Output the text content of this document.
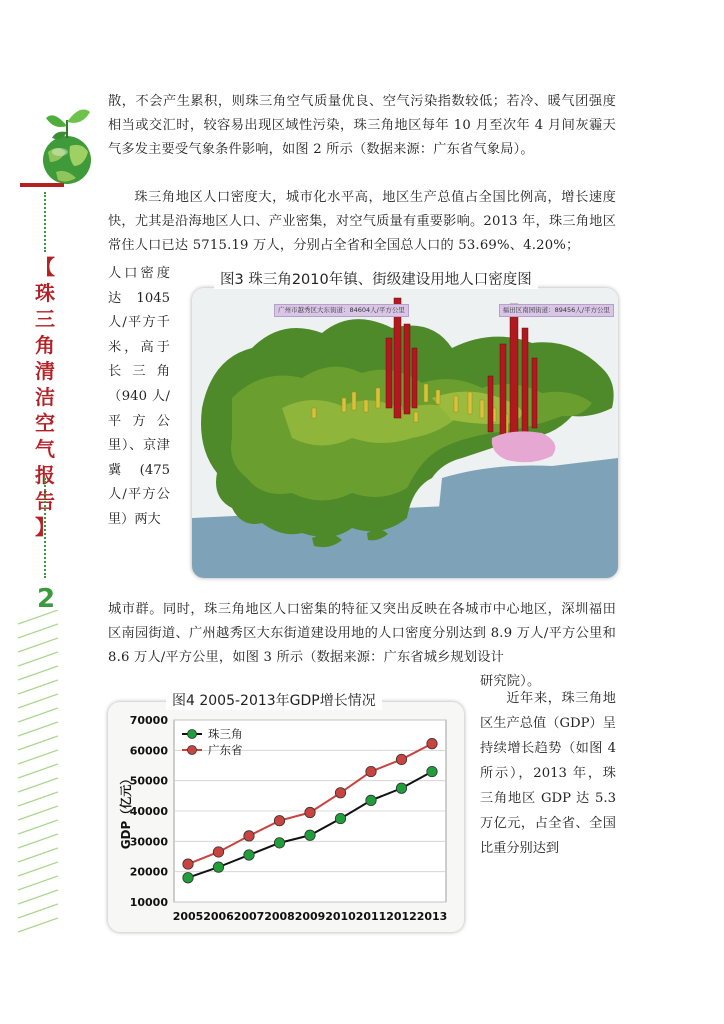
【
珠
三
角
清
洁
空
气
报
告
】
2
散，不会产生累积，则珠三角空气质量优良、空气污染指数较低；若冷、暖气团强度相当或交汇时，较容易出现区域性污染，珠三角地区每年 10 月至次年 4 月间灰霾天气多发主要受气象条件影响，如图 2 所示（数据来源：广东省气象局）。
珠三角地区人口密度大，城市化水平高，地区生产总值占全国比例高，增长速度快，尤其是沿海地区人口、产业密集，对空气质量有重要影响。2013 年，珠三角地区常住人口已达 5715.19 万人，分别占全省和全国总人口的 53.69%、4.20%；
人口密度达 1045 人/平方千米，高于长三角（940 人/平方公里）、京津冀(475 人/平方公里）两大
城市群。同时，珠三角地区人口密集的特征又突出反映在各城市中心地区，深圳福田区南园街道、广州越秀区大东街道建设用地的人口密度分别达到 8.9 万人/平方公里和 8.6 万人/平方公里，如图 3 所示（数据来源：广东省城乡规划设计
研究院）。
近年来，珠三角地区生产总值（GDP）呈持续增长趋势（如图 4 所示），2013 年，珠三角地区 GDP 达 5.3 万亿元，占全省、全国比重分别达到
广州市越秀区大东街道：84604人/平方公里	福田区南园街道：89456人/平方公里
图3 珠三角2010年镇、街级建设用地人口密度图
图4 2005-2013年GDP增长情况
10000
20000
30000
40000
50000
60000
70000
2005 2006 2007 2008 2009 2010 2011 2012 2013
GDP（亿元）
珠三角
广东省
